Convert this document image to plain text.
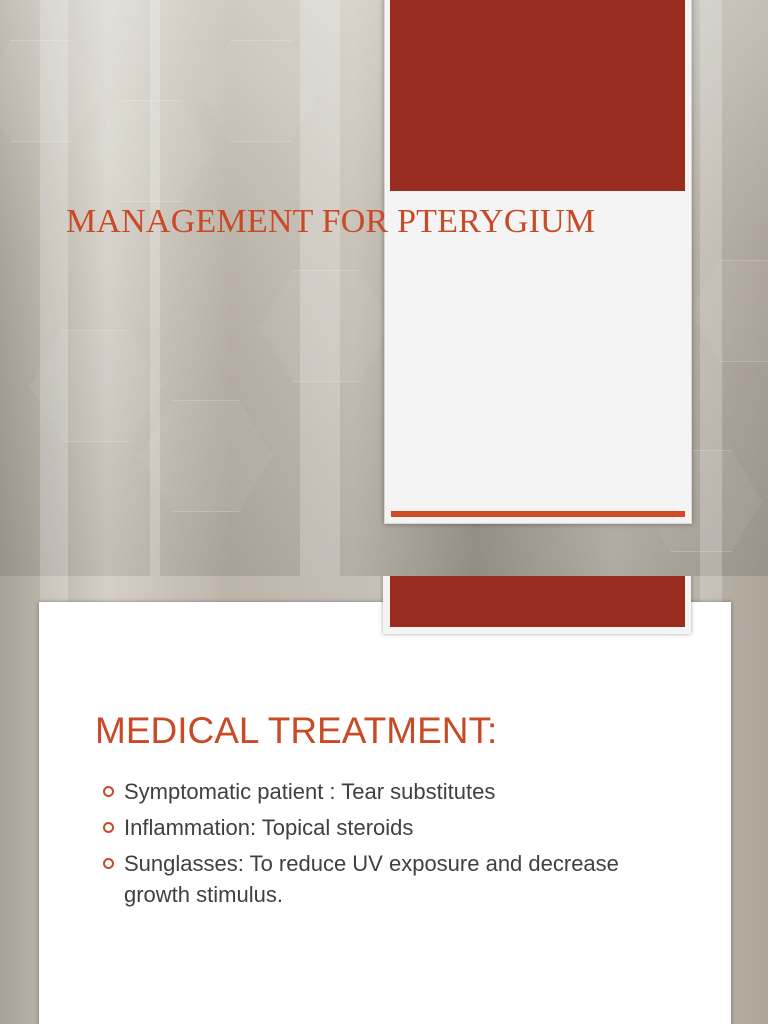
MANAGEMENT FOR PTERYGIUM
MEDICAL TREATMENT:
Symptomatic patient : Tear substitutes
Inflammation: Topical steroids
Sunglasses: To reduce UV exposure and decrease growth stimulus.
